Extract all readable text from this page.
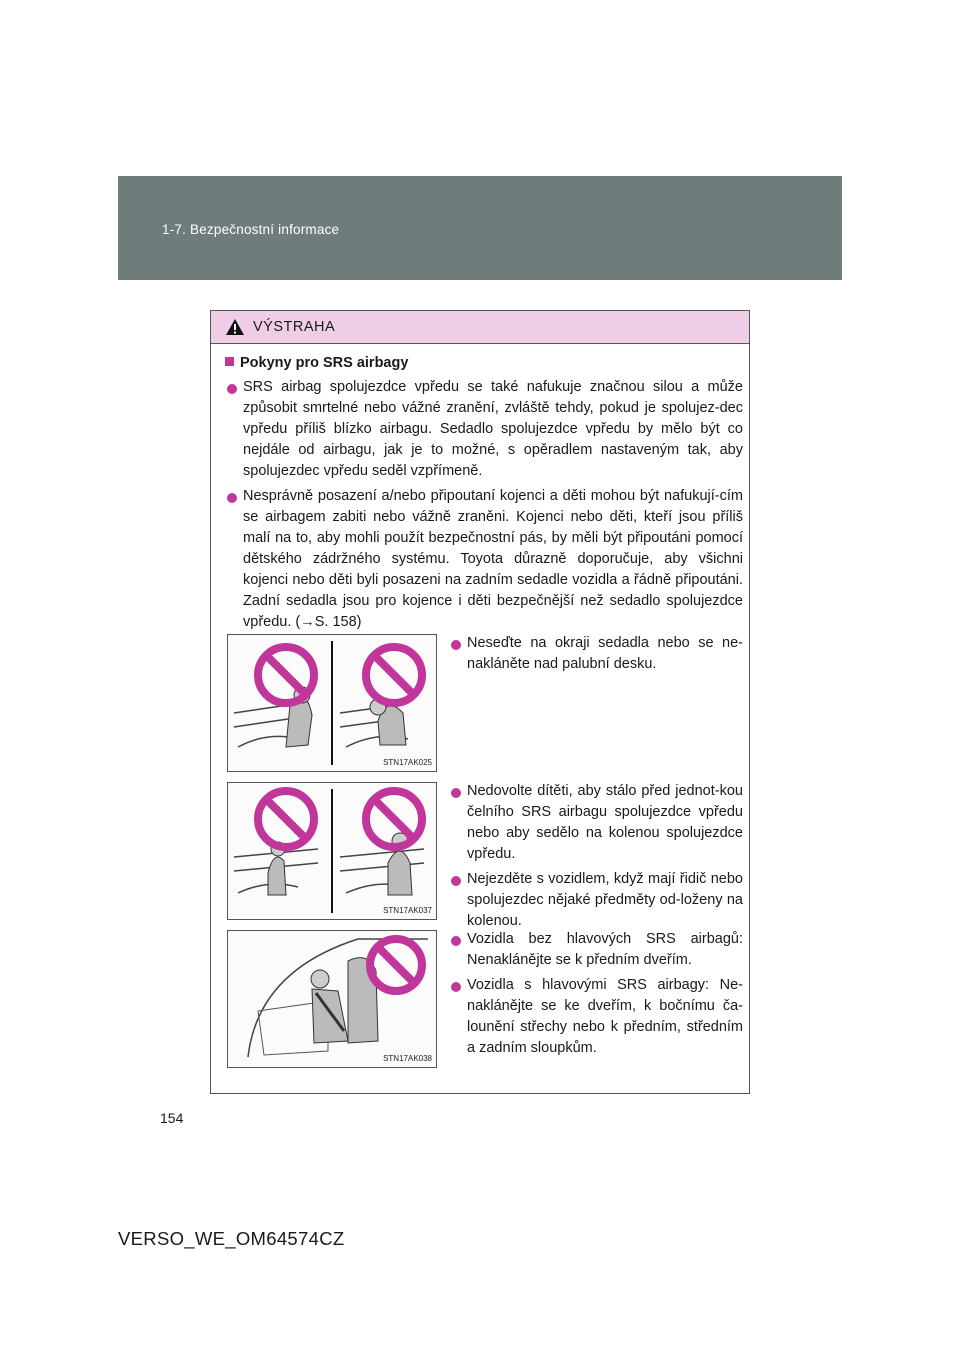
1-7. Bezpečnostní informace
VÝSTRAHA
Pokyny pro SRS airbagy
SRS airbag spolujezdce vpředu se také nafukuje značnou silou a může způsobit smrtelné nebo vážné zranění, zvláště tehdy, pokud je spolujez-dec vpředu příliš blízko airbagu. Sedadlo spolujezdce vpředu by mělo být co nejdále od airbagu, jak je to možné, s opěradlem nastaveným tak, aby spolujezdec vpředu seděl vzpřímeně.
Nesprávně posazení a/nebo připoutaní kojenci a děti mohou být nafukují-cím se airbagem zabiti nebo vážně zraněni. Kojenci nebo děti, kteří jsou příliš malí na to, aby mohli použít bezpečnostní pás, by měli být připoutáni pomocí dětského zádržného systému. Toyota důrazně doporučuje, aby všichni kojenci nebo děti byli posazeni na zadním sedadle vozidla a řádně připoutáni. Zadní sedadla jsou pro kojence i děti bezpečnější než sedadlo spolujezdce vpředu. (→S. 158)
STN17AK025
STN17AK037
STN17AK038
Neseďte na okraji sedadla nebo se ne-nakláněte nad palubní desku.
Nedovolte dítěti, aby stálo před jednot-kou čelního SRS airbagu spolujezdce vpředu nebo aby sedělo na kolenou spolujezdce vpředu.
Nejezděte s vozidlem, když mají řidič nebo spolujezdec nějaké předměty od-loženy na kolenou.
Vozidla bez hlavových SRS airbagů: Nenaklánějte se k předním dveřím.
Vozidla s hlavovými SRS airbagy: Ne-naklánějte se ke dveřím, k bočnímu ča-lounění střechy nebo k předním, středním a zadním sloupkům.
154
VERSO_WE_OM64574CZ
